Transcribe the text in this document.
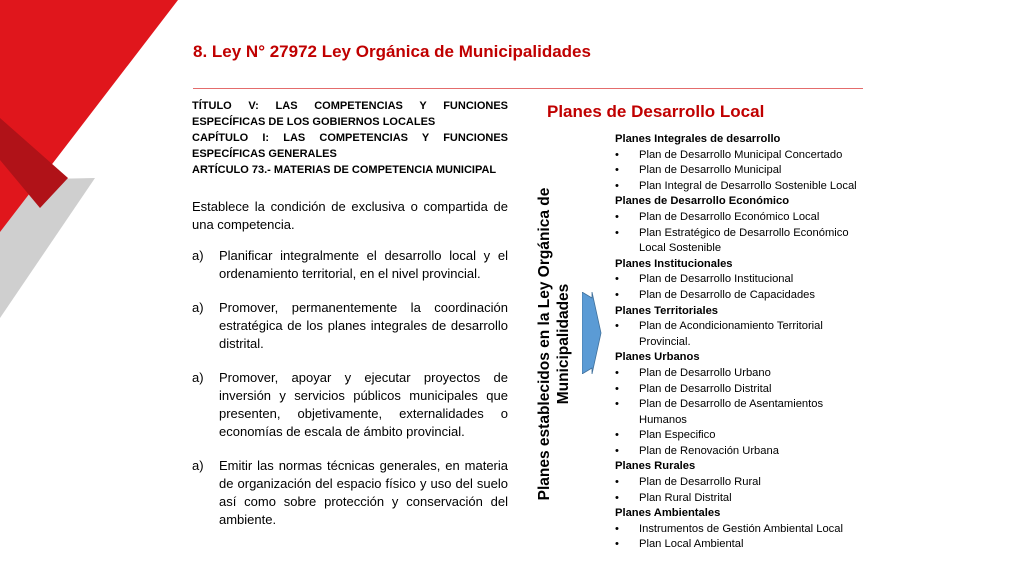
8. Ley N° 27972 Ley Orgánica de Municipalidades
TÍTULO V: LAS COMPETENCIAS Y FUNCIONES ESPECÍFICAS DE LOS GOBIERNOS LOCALES
CAPÍTULO I: LAS COMPETENCIAS Y FUNCIONES ESPECÍFICAS GENERALES
ARTÍCULO 73.- MATERIAS DE COMPETENCIA MUNICIPAL
Establece la condición de exclusiva o compartida de una competencia.
a)	Planificar integralmente el desarrollo local y el ordenamiento territorial, en el nivel provincial.
a)	Promover, permanentemente la coordinación estratégica de los planes integrales de desarrollo distrital.
a)	Promover, apoyar y ejecutar proyectos de inversión y servicios públicos municipales que presenten, objetivamente, externalidades o economías de escala de ámbito provincial.
a)	Emitir las normas técnicas generales, en materia de organización del espacio físico y uso del suelo así como sobre protección y conservación del ambiente.
Planes establecidos en la Ley Orgánica de Municipalidades
Planes de Desarrollo Local
Planes Integrales de desarrollo
•	Plan de Desarrollo Municipal Concertado
•	Plan de Desarrollo Municipal
•	Plan Integral de Desarrollo Sostenible Local
Planes de Desarrollo Económico
•	Plan de Desarrollo Económico Local
•	Plan Estratégico de Desarrollo Económico Local Sostenible
Planes Institucionales
•	Plan de Desarrollo Institucional
•	Plan de Desarrollo de Capacidades
Planes Territoriales
•	Plan de Acondicionamiento Territorial Provincial.
Planes Urbanos
•	Plan de Desarrollo Urbano
•	Plan de Desarrollo Distrital
•	Plan de Desarrollo de Asentamientos Humanos
•	Plan Especifico
•	Plan de Renovación Urbana
Planes Rurales
•	Plan de Desarrollo Rural
•	Plan Rural Distrital
Planes Ambientales
•	Instrumentos de Gestión Ambiental Local
•	Plan Local Ambiental
